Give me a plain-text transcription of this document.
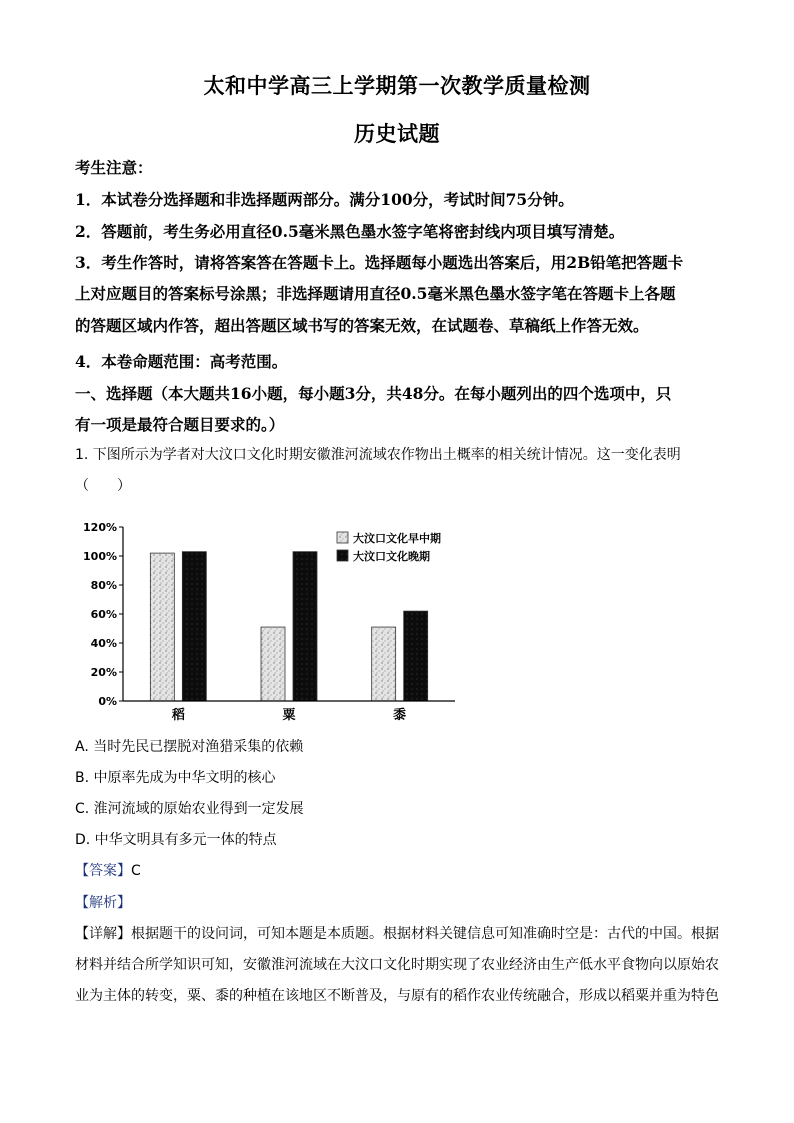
太和中学高三上学期第一次教学质量检测
历史试题
考生注意：
1．本试卷分选择题和非选择题两部分。满分100分，考试时间75分钟。
2．答题前，考生务必用直径0.5毫米黑色墨水签字笔将密封线内项目填写清楚。
3．考生作答时，请将答案答在答题卡上。选择题每小题选出答案后，用2B铅笔把答题卡
上对应题目的答案标号涂黑；非选择题请用直径0.5毫米黑色墨水签字笔在答题卡上各题
的答题区域内作答，超出答题区域书写的答案无效，在试题卷、草稿纸上作答无效。
4．本卷命题范围：高考范围。
一、选择题（本大题共16小题，每小题3分，共48分。在每小题列出的四个选项中，只
有一项是最符合题目要求的。）
1. 下图所示为学者对大汶口文化时期安徽淮河流域农作物出土概率的相关统计情况。这一变化表明
（　　）
0%
20%
40%
60%
80%
100%
120%
稻	粟	黍
大汶口文化早中期
大汶口文化晚期
A. 当时先民已摆脱对渔猎采集的依赖
B. 中原率先成为中华文明的核心
C. 淮河流域的原始农业得到一定发展
D. 中华文明具有多元一体的特点
【答案】C
【解析】
【详解】根据题干的设问词，可知本题是本质题。根据材料关键信息可知准确时空是：古代的中国。根据
材料并结合所学知识可知，安徽淮河流域在大汶口文化时期实现了农业经济由生产低水平食物向以原始农
业为主体的转变，粟、黍的种植在该地区不断普及，与原有的稻作农业传统融合，形成以稻粟并重为特色
